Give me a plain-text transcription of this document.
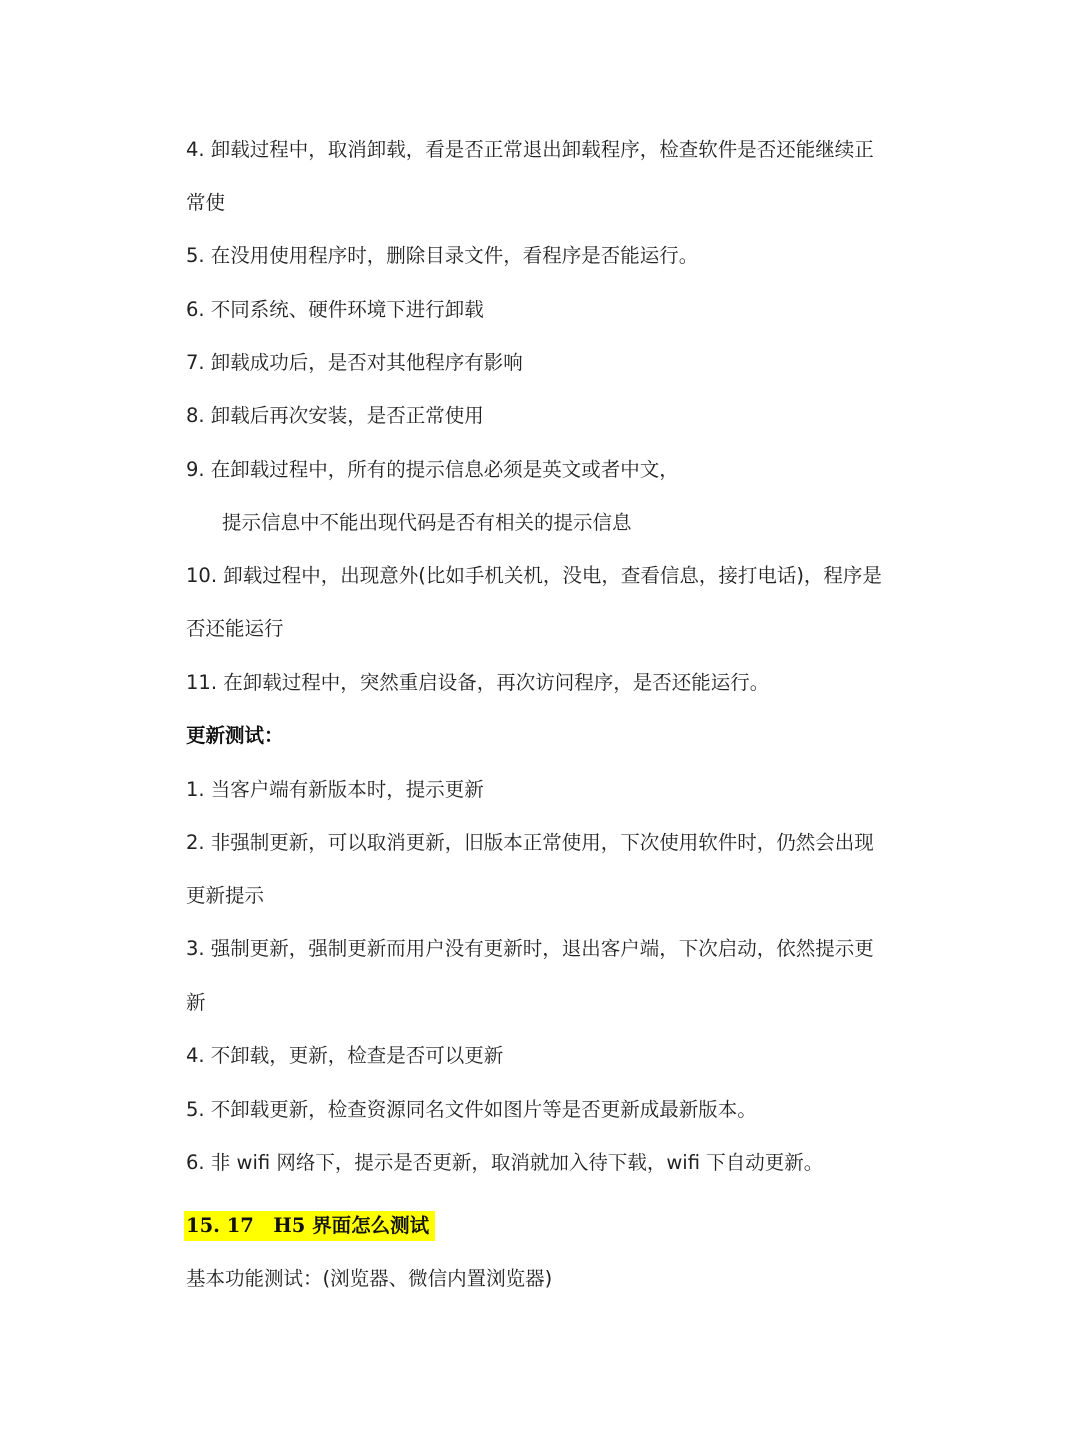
4. 卸载过程中，取消卸载，看是否正常退出卸载程序，检查软件是否还能继续正
常使
5. 在没用使用程序时，删除目录文件，看程序是否能运行。
6. 不同系统、硬件环境下进行卸载
7. 卸载成功后，是否对其他程序有影响
8. 卸载后再次安装，是否正常使用
9. 在卸载过程中，所有的提示信息必须是英文或者中文，
提示信息中不能出现代码是否有相关的提示信息
10. 卸载过程中，出现意外(比如手机关机，没电，查看信息，接打电话)，程序是
否还能运行
11. 在卸载过程中，突然重启设备，再次访问程序，是否还能运行。
更新测试：
1. 当客户端有新版本时，提示更新
2. 非强制更新，可以取消更新，旧版本正常使用，下次使用软件时，仍然会出现
更新提示
3. 强制更新，强制更新而用户没有更新时，退出客户端，下次启动，依然提示更
新
4. 不卸载，更新，检查是否可以更新
5. 不卸载更新，检查资源同名文件如图片等是否更新成最新版本。
6. 非 wifi 网络下，提示是否更新，取消就加入待下载，wifi 下自动更新。
15. 17　H5 界面怎么测试
基本功能测试：(浏览器、微信内置浏览器)
